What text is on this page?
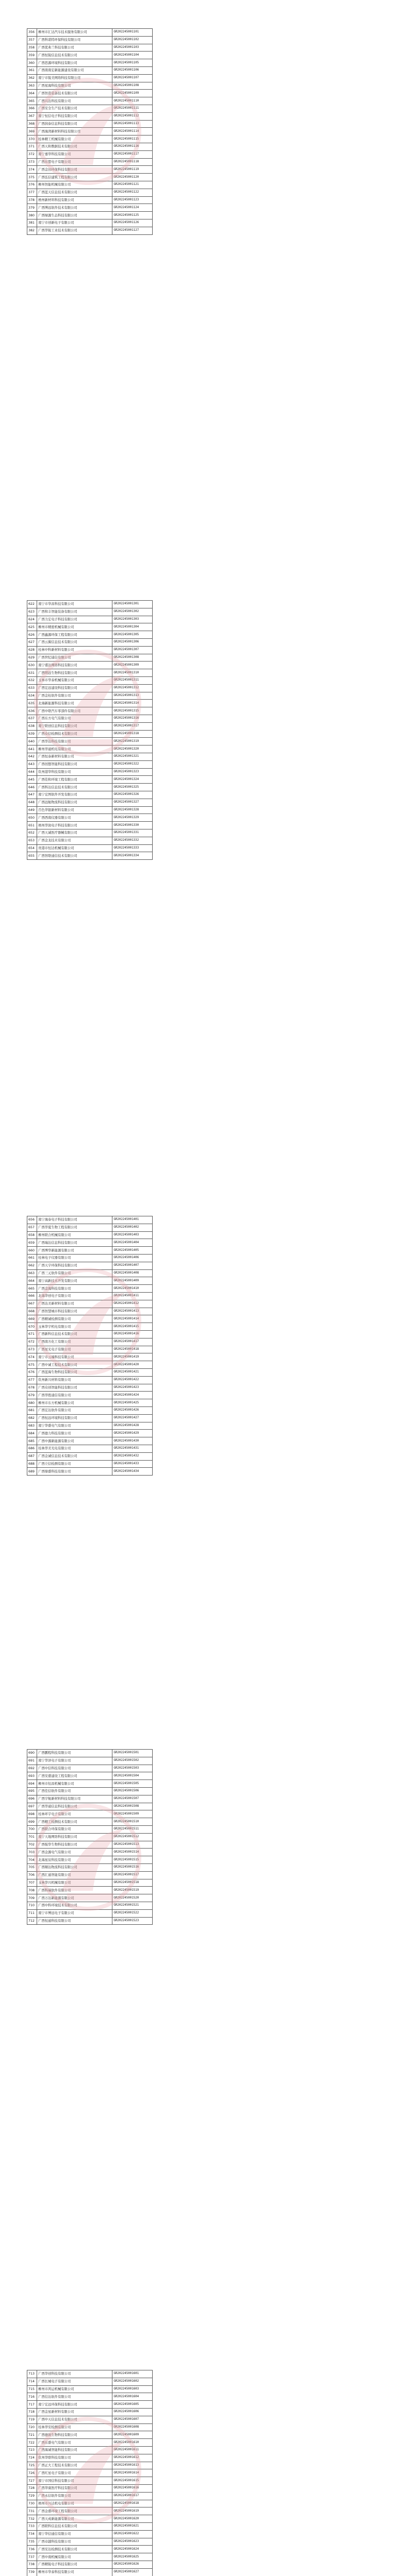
356	柳州市汇达汽车技术服务有限公司	GR202245001101
357	广西科诺特环保科技有限公司	GR202245001102
358	广西优弗兰科技有限公司	GR202245001103
359	广西恒锐信息技术有限公司	GR202245001104
360	广西思源环境科技有限公司	GR202245001105
361	广西南南宏新能源建设有限公司	GR202245001106
362	南宁市锐美网络科技有限公司	GR202245001107
363	广西星海科技有限公司	GR202245001108
364	广西智造装备技术有限公司	GR202245001109
365	广西兴达科技有限公司	GR202245001110
366	广西安全生产技术有限公司	GR202245001111
367	南宁恒信电子科技有限公司	GR202245001112
368	广西润泰信息科技有限公司	GR202245001113
369	广西海湾新材料科技有限公司	GR202245001114
370	桂林精工机械有限公司	GR202245001115
371	广西天和数据技术有限公司	GR202245001116
372	南宁嘉华科技有限公司	GR202245001117
373	广西东盟电子有限公司	GR202245001118
374	广西金田环保科技有限公司	GR202245001119
375	广西弘信建筑工程有限公司	GR202245001120
376	柳州智能机械有限公司	GR202245001121
377	广西蓝天信息技术有限公司	GR202245001122
378	梧州新材料科技有限公司	GR202245001123
379	广西博远软件技术有限公司	GR202245001124
380	广西绿源生态科技有限公司	GR202245001125
381	南宁市创新电子有限公司	GR202245001126
382	广西华锐工业技术有限公司	GR202245001127
622	南宁市华昌科技有限公司	GR202245001301
623	广西和丰智能装备有限公司	GR202245001302
624	广西力宏电子科技有限公司	GR202245001303
625	柳州市精密机械有限公司	GR202245001304
626	广西鑫源环保工程有限公司	GR202245001305
627	广西云翼信息技术有限公司	GR202245001306
628	桂林中科新材料有限公司	GR202245001307
629	广西世纪通信有限公司	GR202245001308
630	南宁盛达网络科技有限公司	GR202245001309
631	广西明远生物科技有限公司	GR202245001310
632	玉林市华泰机械有限公司	GR202245001311
633	广西宏远建设科技有限公司	GR202245001312
634	广西金桂软件有限公司	GR202245001313
635	北海新能源科技有限公司	GR202245001314
636	广西中联汽车零部件有限公司	GR202245001315
637	广西东方电气有限公司	GR202245001316
638	南宁联创信息科技有限公司	GR202245001317
639	广西众信检测技术有限公司	GR202245001318
640	广西华达科技有限公司	GR202245001319
641	柳州华通机电有限公司	GR202245001320
642	广西恒泰新材料有限公司	GR202245001321
643	广西创想智能科技有限公司	GR202245001322
644	钦州港华科技有限公司	GR202245001323
645	广西佳和环境工程有限公司	GR202245001324
646	广西科达信息技术有限公司	GR202245001325
647	南宁宏图软件开发有限公司	GR202245001326
648	广西远航物流科技有限公司	GR202245001327
649	百色华银新材料有限公司	GR202245001328
650	广西西南仪器有限公司	GR202245001329
651	梧州华润电子科技有限公司	GR202245001330
652	广西天诚医疗器械有限公司	GR202245001331
653	广西金龙技术有限公司	GR202245001332
654	贵港市恒达机械有限公司	GR202245001333
655	广西智联通信技术有限公司	GR202245001334
656	南宁海泰电子科技有限公司	GR202245001401
657	广西华夏生物工程有限公司	GR202245001402
658	柳州联合机械有限公司	GR202245001403
659	广西瑞达信息科技有限公司	GR202245001404
660	广西博华新能源有限公司	GR202245001405
661	桂林电子仪器有限公司	GR202245001406
662	广西天宇环保科技有限公司	GR202245001407
663	广西三元软件有限公司	GR202245001408
664	南宁高新技术开发有限公司	GR202245001409
665	广西金海科技有限公司	GR202245001410
666	北海华创电子有限公司	GR202245001411
667	广西达美新材料有限公司	GR202245001412
668	广西智慧城市科技有限公司	GR202245001413
669	广西精诚检测有限公司	GR202245001414
670	玉林华宇机电有限公司	GR202245001415
671	广西新科信息技术有限公司	GR202245001416
672	广西南方化工有限公司	GR202245001417
673	广西星光电子有限公司	GR202245001418
674	南宁市云端科技有限公司	GR202245001419
675	广西中诚工程技术有限公司	GR202245001420
676	广西蓝海生物科技有限公司	GR202245001421
677	钦州新兴材料有限公司	GR202245001422
678	广西众创智能科技有限公司	GR202245001423
679	广西华胜通信有限公司	GR202245001424
680	柳州市东方机械有限公司	GR202245001425
681	广西宏达软件有限公司	GR202245001426
682	广西恒远环境科技有限公司	GR202245001427
683	南宁华盛电气有限公司	GR202245001428
684	广西德力科技有限公司	GR202245001429
685	广西中源新能源有限公司	GR202245001430
686	桂林华美光电有限公司	GR202245001431
687	广西金诚信息技术有限公司	GR202245001432
688	广西立信检测有限公司	GR202245001433
689	广西鼎盛科技有限公司	GR202245001434
690	广西鹏程科技有限公司	GR202245001501
691	南宁华泽电子有限公司	GR202245001502
692	广西中信科技有限公司	GR202245001503
693	广西安盛建设工程有限公司	GR202245001504
694	柳州市恒昌机械有限公司	GR202245001505
695	广西佳信软件有限公司	GR202245001506
696	广西宇航新材料科技有限公司	GR202245001507
697	广西华通信息科技有限公司	GR202245001508
698	桂林环宇电子有限公司	GR202245001509
699	广西精工检测技术有限公司	GR202245001510
700	广西联合环保有限公司	GR202245001511
701	南宁天地网络科技有限公司	GR202245001512
702	广西强华生物科技有限公司	GR202245001513
703	广西金源电气有限公司	GR202245001514
704	北海星辰科技有限公司	GR202245001515
705	广西顺达物流科技有限公司	GR202245001516
706	广西汇通智能有限公司	GR202245001517
707	玉林华兴机械有限公司	GR202245001518
708	广西科瑞软件有限公司	GR202245001519
709	广西万达新能源有限公司	GR202245001520
710	广西中科环境技术有限公司	GR202245001521
711	南宁市博远电子有限公司	GR202245001522
712	广西恒通科技有限公司	GR202245001523
713	广西华创科技有限公司	GR202245001601
714	广西长城电子有限公司	GR202245001602
715	柳州市鸿运机械有限公司	GR202245001603
716	广西信达软件有限公司	GR202245001604
717	南宁宏远环保科技有限公司	GR202245001605
718	广西金星新材料有限公司	GR202245001606
719	广西中天信息技术有限公司	GR202245001607
720	桂林华安检测有限公司	GR202245001608
721	广西德润生物科技有限公司	GR202245001609
722	广西东盛电气有限公司	GR202245001610
723	广西海诚智能科技有限公司	GR202245001611
724	钦州华联科技有限公司	GR202245001612
725	广西正大工程技术有限公司	GR202245001613
726	广西红星电子有限公司	GR202245001614
727	南宁市国信科技有限公司	GR202245001615
728	广西华康医疗科技有限公司	GR202245001616
729	广西永信软件有限公司	GR202245001617
730	梧州市兴达机电有限公司	GR202245001618
731	广西金盛环境工程有限公司	GR202245001619
732	广西天成新能源有限公司	GR202245001620
733	广西联科信息技术有限公司	GR202245001621
734	南宁华信通信有限公司	GR202245001622
735	广西卓越科技有限公司	GR202245001623
736	广西安达检测技术有限公司	GR202245001624
737	广西中南机械有限公司	GR202245001625
738	广西精锐电子科技有限公司	GR202245001626
739	柳州市华泰科技有限公司	GR202245001627
